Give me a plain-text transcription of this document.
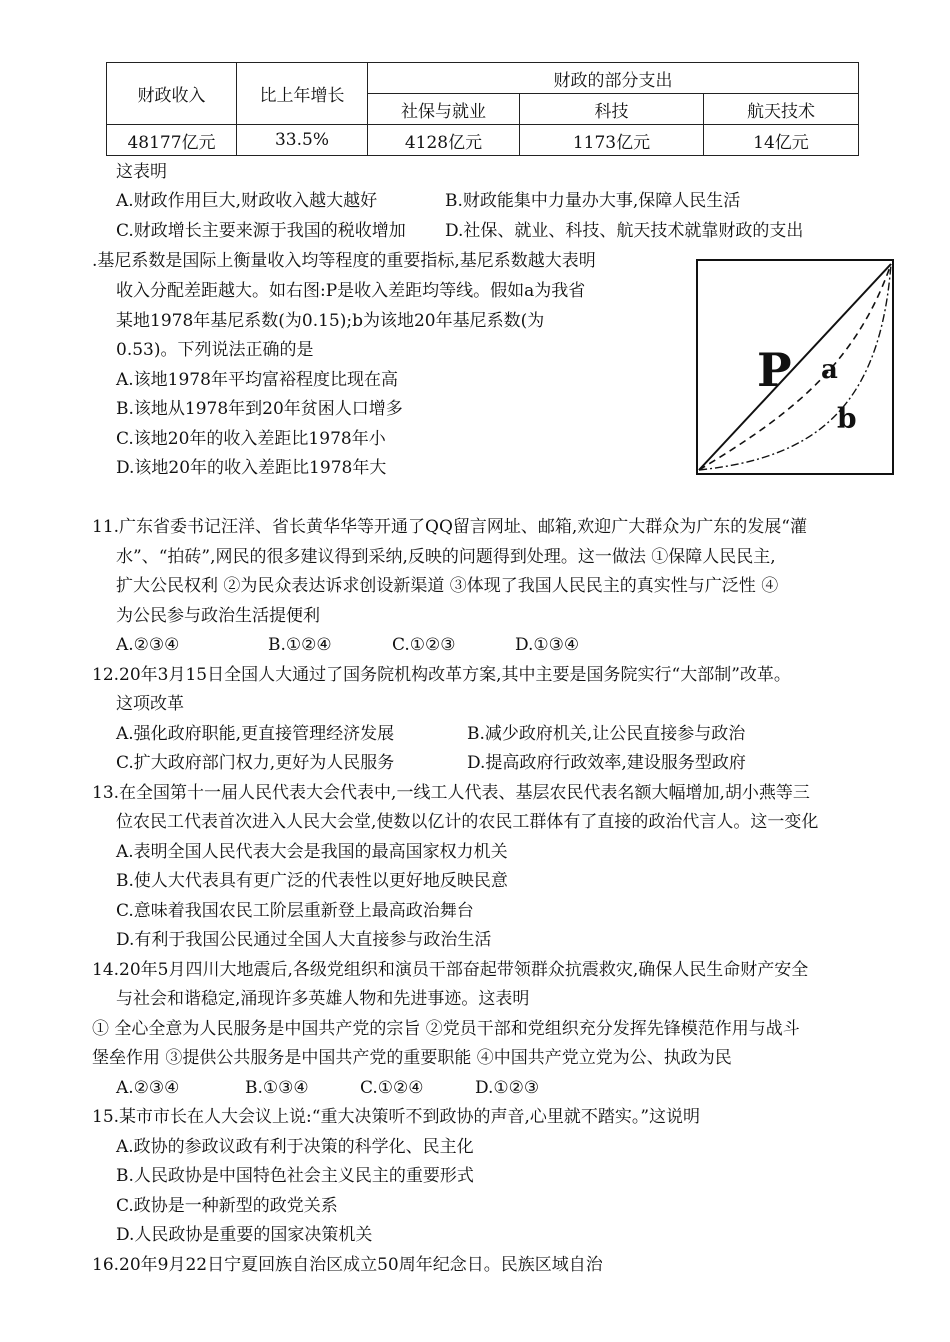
财政收入	比上年增长	财政的部分支出		
		社保与就业	科技	航天技术
48177亿元	33.5%	4128亿元	1173亿元	14亿元
这表明
A.财政作用巨大,财政收入越大越好	B.财政能集中力量办大事,保障人民生活
C.财政增长主要来源于我国的税收增加 D.社保、就业、科技、航天技术就靠财政的支出
.基尼系数是国际上衡量收入均等程度的重要指标,基尼系数越大表明
收入分配差距越大。如右图:P是收入差距均等线。假如a为我省
某地1978年基尼系数(为0.15);b为该地20年基尼系数(为
0.53)。下列说法正确的是
A.该地1978年平均富裕程度比现在高
B.该地从1978年到20年贫困人口增多
C.该地20年的收入差距比1978年小
D.该地20年的收入差距比1978年大
P a
b
11.广东省委书记汪洋、省长黄华华等开通了QQ留言网址、邮箱,欢迎广大群众为广东的发展“灌
水”、“拍砖”,网民的很多建议得到采纳,反映的问题得到处理。这一做法 ①保障人民民主,
扩大公民权利 ②为民众表达诉求创设新渠道 ③体现了我国人民民主的真实性与广泛性 ④
为公民参与政治生活提便利
A.②③④	B.①②④	C.①②③	D.①③④
12.20年3月15日全国人大通过了国务院机构改革方案,其中主要是国务院实行“大部制”改革。
这项改革
A.强化政府职能,更直接管理经济发展	B.减少政府机关,让公民直接参与政治
C.扩大政府部门权力,更好为人民服务	D.提高政府行政效率,建设服务型政府
13.在全国第十一届人民代表大会代表中,一线工人代表、基层农民代表名额大幅增加,胡小燕等三
位农民工代表首次进入人民大会堂,使数以亿计的农民工群体有了直接的政治代言人。这一变化
A.表明全国人民代表大会是我国的最高国家权力机关
B.使人大代表具有更广泛的代表性以更好地反映民意
C.意味着我国农民工阶层重新登上最高政治舞台
D.有利于我国公民通过全国人大直接参与政治生活
14.20年5月四川大地震后,各级党组织和演员干部奋起带领群众抗震救灾,确保人民生命财产安全
与社会和谐稳定,涌现许多英雄人物和先进事迹。这表明
① 全心全意为人民服务是中国共产党的宗旨 ②党员干部和党组织充分发挥先锋模范作用与战斗
堡垒作用 ③提供公共服务是中国共产党的重要职能 ④中国共产党立党为公、执政为民
A.②③④	B.①③④	C.①②④	D.①②③
15.某市市长在人大会议上说:“重大决策听不到政协的声音,心里就不踏实。”这说明
A.政协的参政议政有利于决策的科学化、民主化
B.人民政协是中国特色社会主义民主的重要形式
C.政协是一种新型的政党关系
D.人民政协是重要的国家决策机关
16.20年9月22日宁夏回族自治区成立50周年纪念日。民族区域自治
